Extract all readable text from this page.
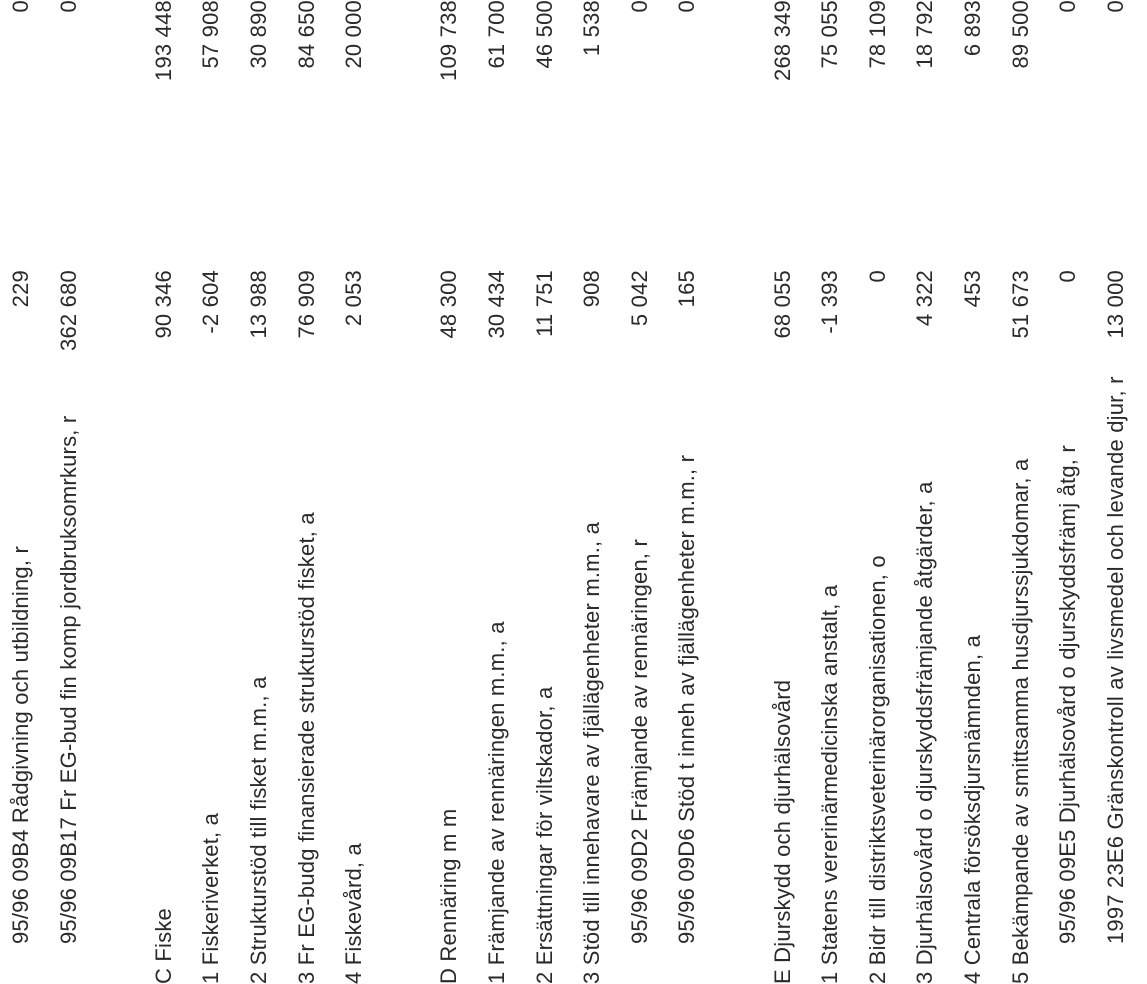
95/96 09B4 Rådgivning och utbildning, r
229
0
95/96 09B17 Fr EG-bud fin komp jordbruksomrkurs, r
362 680
0
C Fiske
90 346
193 448
1 Fiskeriverket, a
-2 604
57 908
2 Strukturstöd till fisket m.m., a
13 988
30 890
3 Fr EG-budg finansierade strukturstöd fisket, a
76 909
84 650
4 Fiskevård, a
2 053
20 000
D Rennäring m m
48 300
109 738
1 Främjande av rennäringen m.m., a
30 434
61 700
2 Ersättningar för viltskador, a
11 751
46 500
3 Stöd till innehavare av fjällägenheter m.m., a
908
1 538
95/96 09D2 Främjande av rennäringen, r
5 042
0
95/96 09D6 Stöd t inneh av fjällägenheter m.m., r
165
0
E Djurskydd och djurhälsovård
68 055
268 349
1 Statens vererinärmedicinska anstalt, a
-1 393
75 055
2 Bidr till distriktsveterinärorganisationen, o
0
78 109
3 Djurhälsovård o djurskyddsfrämjande åtgärder, a
4 322
18 792
4 Centrala försöksdjursnämnden, a
453
6 893
5 Bekämpande av smittsamma husdjurssjukdomar, a
51 673
89 500
95/96 09E5 Djurhälsovård o djurskyddsfrämj åtg, r
0
0
1997 23E6 Gränskontroll av livsmedel och levande djur, r
13 000
0
